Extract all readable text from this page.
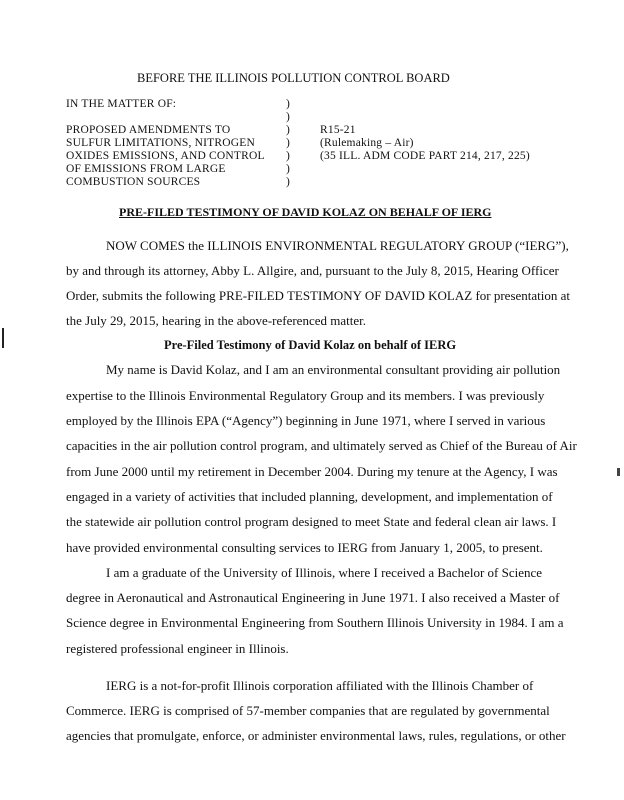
BEFORE THE ILLINOIS POLLUTION CONTROL BOARD
IN THE MATTER OF:
PROPOSED AMENDMENTS TO
SULFUR LIMITATIONS, NITROGEN
OXIDES EMISSIONS, AND CONTROL
OF EMISSIONS FROM LARGE
COMBUSTION SOURCES
)
)
)
)
)
)
)
R15-21
(Rulemaking – Air)
(35 ILL. ADM CODE PART 214, 217, 225)
PRE-FILED TESTIMONY OF DAVID KOLAZ ON BEHALF OF IERG
NOW COMES the ILLINOIS ENVIRONMENTAL REGULATORY GROUP (“IERG”),
by and through its attorney, Abby L. Allgire, and, pursuant to the July 8, 2015, Hearing Officer
Order, submits the following PRE-FILED TESTIMONY OF DAVID KOLAZ for presentation at
the July 29, 2015, hearing in the above-referenced matter.
Pre-Filed Testimony of David Kolaz on behalf of IERG
My name is David Kolaz, and I am an environmental consultant providing air pollution
expertise to the Illinois Environmental Regulatory Group and its members. I was previously
employed by the Illinois EPA (“Agency”) beginning in June 1971, where I served in various
capacities in the air pollution control program, and ultimately served as Chief of the Bureau of Air
from June 2000 until my retirement in December 2004. During my tenure at the Agency, I was
engaged in a variety of activities that included planning, development, and implementation of
the statewide air pollution control program designed to meet State and federal clean air laws. I
have provided environmental consulting services to IERG from January 1, 2005, to present.
I am a graduate of the University of Illinois, where I received a Bachelor of Science
degree in Aeronautical and Astronautical Engineering in June 1971. I also received a Master of
Science degree in Environmental Engineering from Southern Illinois University in 1984. I am a
registered professional engineer in Illinois.
IERG is a not-for-profit Illinois corporation affiliated with the Illinois Chamber of
Commerce. IERG is comprised of 57-member companies that are regulated by governmental
agencies that promulgate, enforce, or administer environmental laws, rules, regulations, or other
